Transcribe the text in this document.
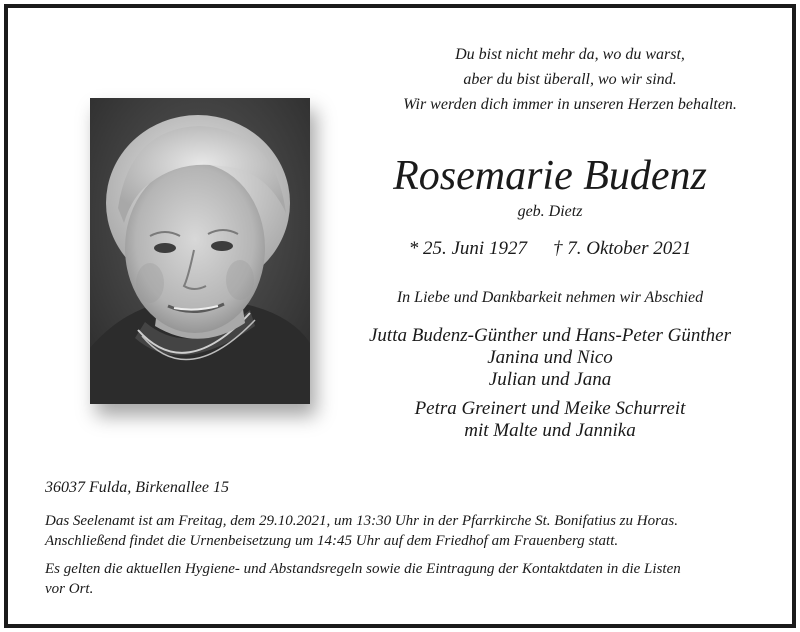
Du bist nicht mehr da, wo du warst,
aber du bist überall, wo wir sind.
Wir werden dich immer in unseren Herzen behalten.
Rosemarie Budenz
geb. Dietz
* 25. Juni 1927 † 7. Oktober 2021
In Liebe und Dankbarkeit nehmen wir Abschied
Jutta Budenz-Günther und Hans-Peter Günther
Janina und Nico
Julian und Jana
Petra Greinert und Meike Schurreit
mit Malte und Jannika
36037 Fulda, Birkenallee 15
Das Seelenamt ist am Freitag, dem 29.10.2021, um 13:30 Uhr in der Pfarrkirche St. Bonifatius zu Horas.
Anschließend findet die Urnenbeisetzung um 14:45 Uhr auf dem Friedhof am Frauenberg statt.
Es gelten die aktuellen Hygiene- und Abstandsregeln sowie die Eintragung der Kontaktdaten in die Listen
vor Ort.
